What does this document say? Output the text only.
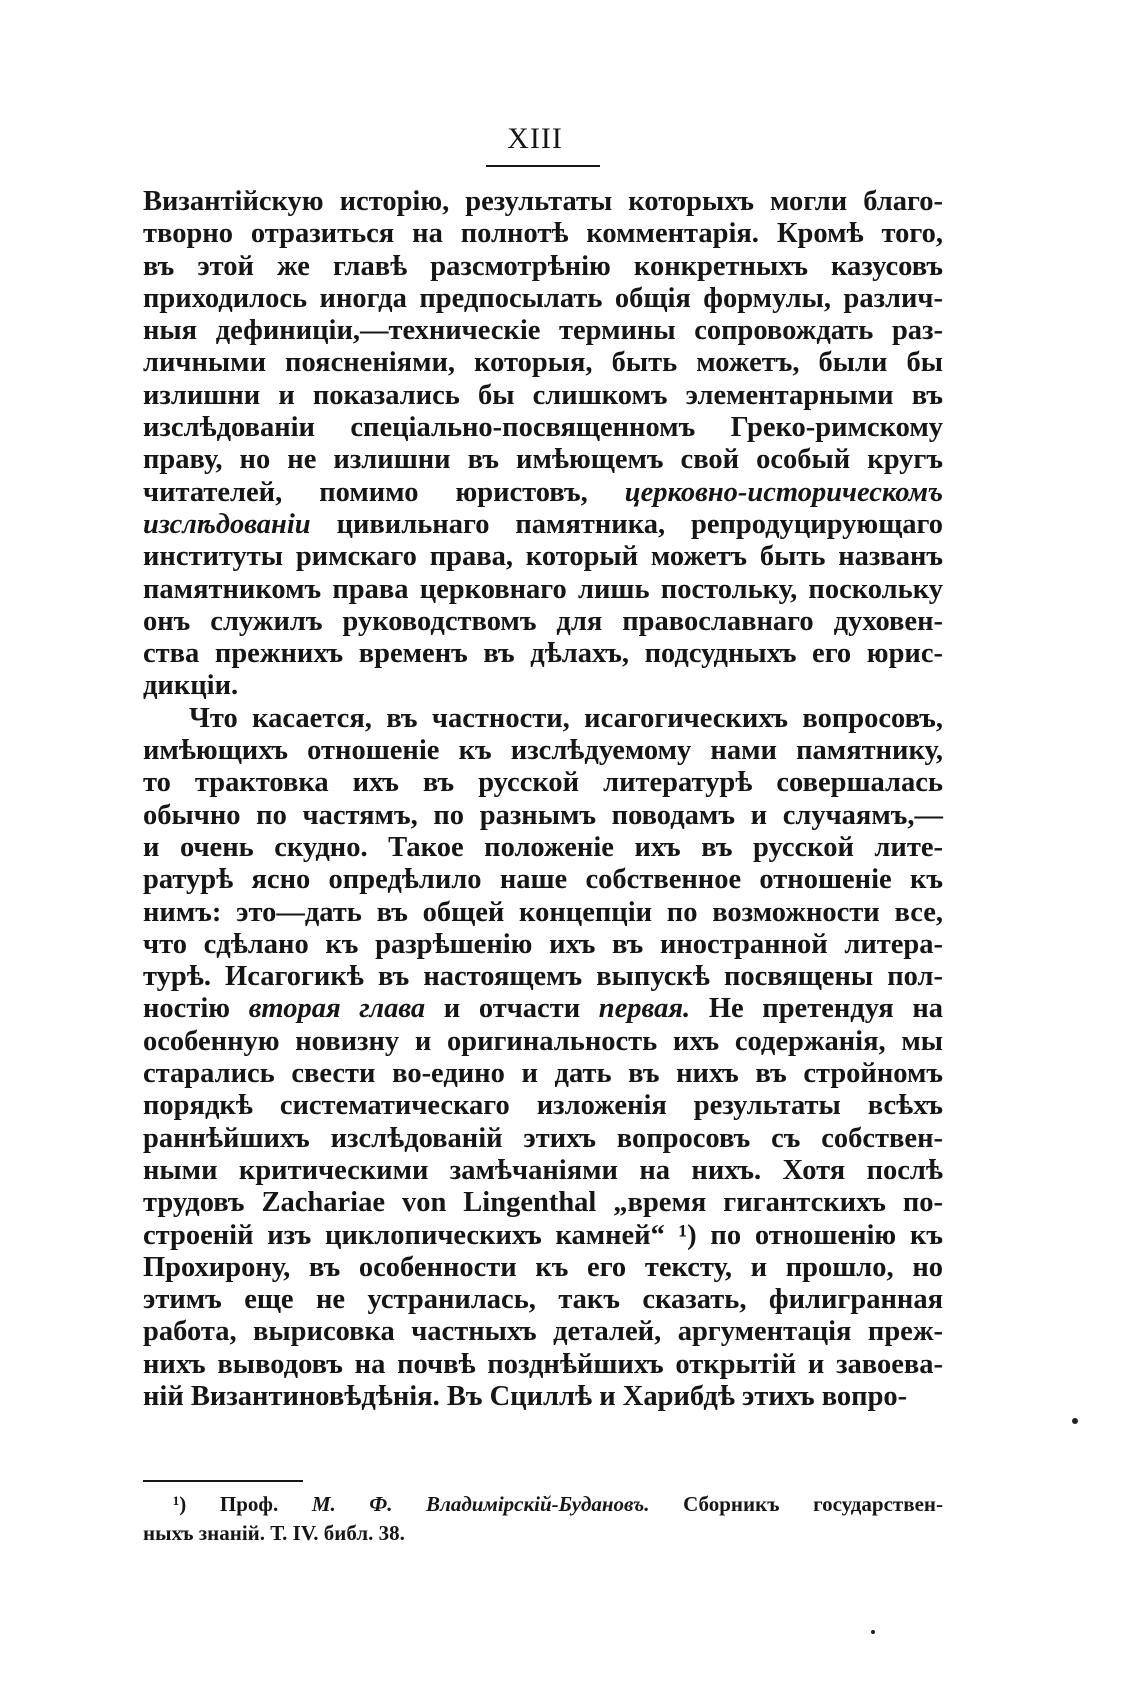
XIII

Византійскую исторію, результаты которыхъ могли благо-
творно отразиться на полнотѣ комментарія. Кромѣ того,
въ этой же главѣ разсмотрѣнію конкретныхъ казусовъ
приходилось иногда предпосылать общія формулы, различ-
ныя дефиниціи,—техническіе термины сопровождать раз-
личными поясненіями, которыя, быть можетъ, были бы
излишни и показались бы слишкомъ элементарными въ
изслѣдованіи спеціально-посвященномъ Греко-римскому
праву, но не излишни въ имѣющемъ свой особый кругъ
читателей, помимо юристовъ, церковно-историческомъ
изслѣдованіи цивильнаго памятника, репродуцирующаго
институты римскаго права, который можетъ быть названъ
памятникомъ права церковнаго лишь постольку, поскольку
онъ служилъ руководствомъ для православнаго духовен-
ства прежнихъ временъ въ дѣлахъ, подсудныхъ его юрис-
дикціи.

Что касается, въ частности, исагогическихъ вопросовъ,
имѣющихъ отношеніе къ изслѣдуемому нами памятнику,
то трактовка ихъ въ русской литературѣ совершалась
обычно по частямъ, по разнымъ поводамъ и случаямъ,—
и очень скудно. Такое положеніе ихъ въ русской лите-
ратурѣ ясно опредѣлило наше собственное отношеніе къ
нимъ: это—дать въ общей концепціи по возможности все,
что сдѣлано къ разрѣшенію ихъ въ иностранной литера-
турѣ. Исагогикѣ въ настоящемъ выпускѣ посвящены пол-
ностію вторая глава и отчасти первая. Не претендуя на
особенную новизну и оригинальность ихъ содержанія, мы
старались свести во-едино и дать въ нихъ въ стройномъ
порядкѣ систематическаго изложенія результаты всѣхъ
раннѣйшихъ изслѣдованій этихъ вопросовъ съ собствен-
ными критическими замѣчаніями на нихъ. Хотя послѣ
трудовъ Zachariae von Lingenthal „время гигантскихъ по-
строеній изъ циклопическихъ камней“ ¹) по отношенію къ
Прохирону, въ особенности къ его тексту, и прошло, но
этимъ еще не устранилась, такъ сказать, филигранная
работа, вырисовка частныхъ деталей, аргументація преж-
нихъ выводовъ на почвѣ позднѣйшихъ открытій и завоева-
ній Византиновѣдѣнія. Въ Сциллѣ и Харибдѣ этихъ вопро-

¹) Проф. М. Ф. Владимірскій-Будановъ. Сборникъ государствен-
ныхъ знаній. Т. IV. библ. 38.
